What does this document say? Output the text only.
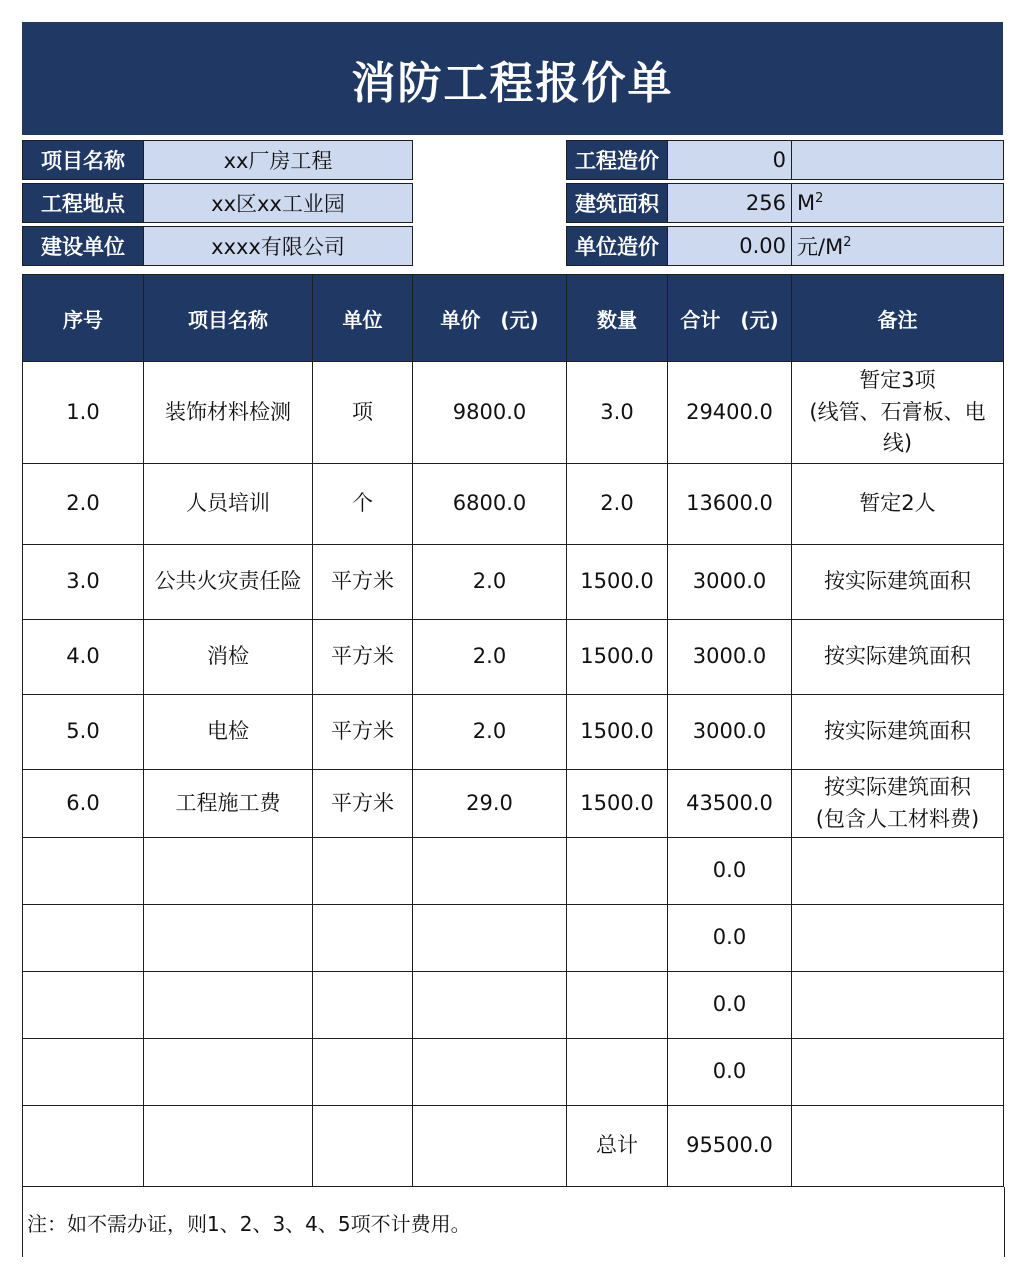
消防工程报价单
项目名称	xx厂房工程		工程造价	0	

工程地点	xx区xx工业园		建筑面积	256	$M^2$

建设单位	xxxx有限公司		单位造价	0.00	元$/M^2$
序号	项目名称	单位	单价　(元)	数量	合计　(元)	备注
1.0	装饰材料检测	项	9800.0	3.0	29400.0	暂定3项
(线管、石膏板、电线)
2.0	人员培训	个	6800.0	2.0	13600.0	暂定2人
3.0	公共火灾责任险	平方米	2.0	1500.0	3000.0	按实际建筑面积
4.0	消检	平方米	2.0	1500.0	3000.0	按实际建筑面积
5.0	电检	平方米	2.0	1500.0	3000.0	按实际建筑面积
6.0	工程施工费	平方米	29.0	1500.0	43500.0	按实际建筑面积
(包含人工材料费)
					0.0	
					0.0	
					0.0	
					0.0	
				总计	95500.0	
注：如不需办证，则1、2、3、4、5项不计费用。
